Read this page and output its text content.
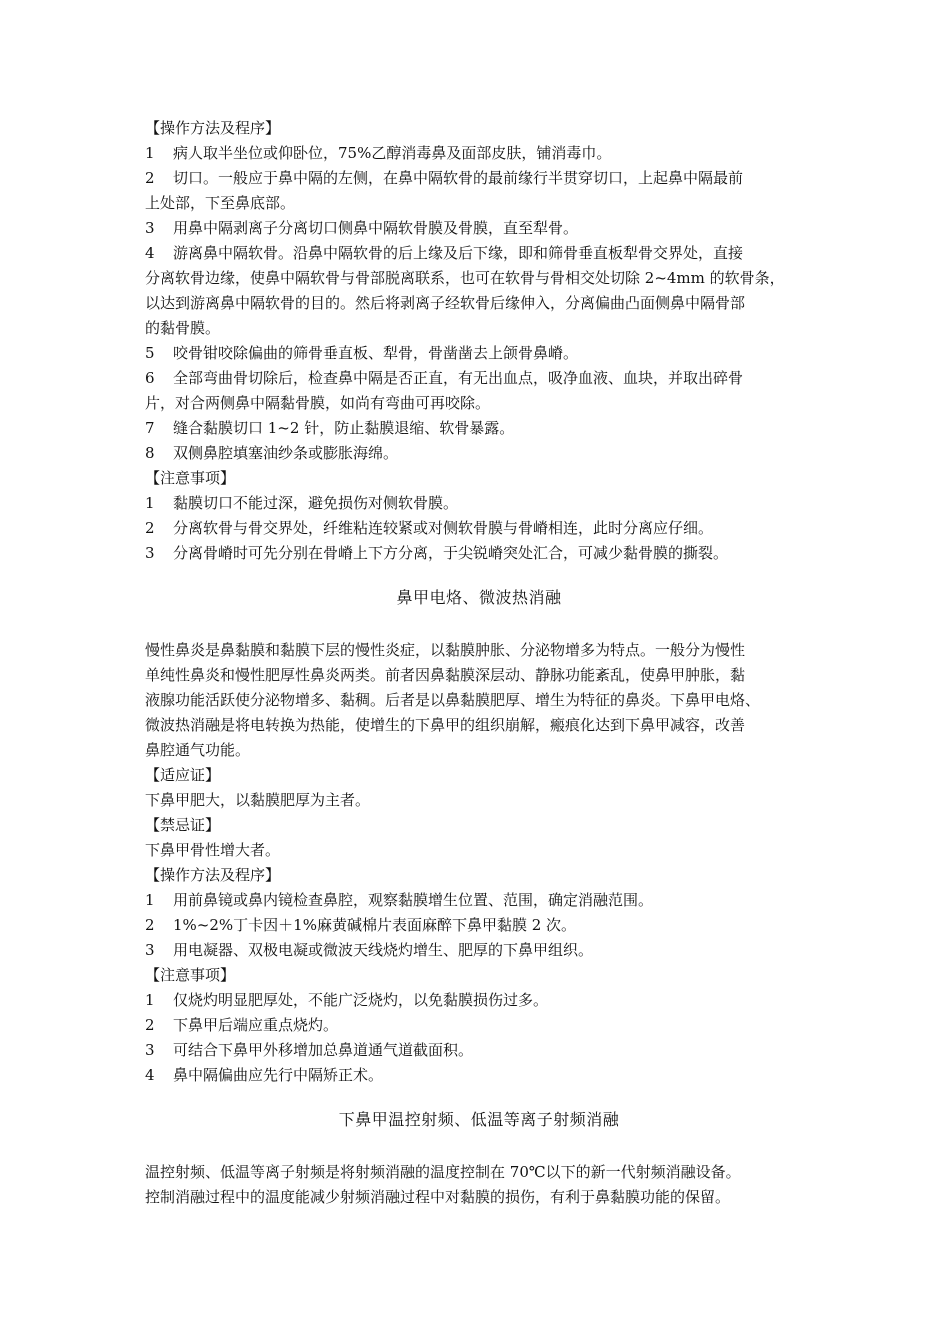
【操作方法及程序】
1	病人取半坐位或仰卧位，75%乙醇消毒鼻及面部皮肤，铺消毒巾。
2	切口。一般应于鼻中隔的左侧，在鼻中隔软骨的最前缘行半贯穿切口，上起鼻中隔最前
上处部，下至鼻底部。
3	用鼻中隔剥离子分离切口侧鼻中隔软骨膜及骨膜，直至犁骨。
4	游离鼻中隔软骨。沿鼻中隔软骨的后上缘及后下缘，即和筛骨垂直板犁骨交界处，直接
分离软骨边缘，使鼻中隔软骨与骨部脱离联系，也可在软骨与骨相交处切除 2~4mm 的软骨条，
以达到游离鼻中隔软骨的目的。然后将剥离子经软骨后缘伸入，分离偏曲凸面侧鼻中隔骨部
的黏骨膜。
5	咬骨钳咬除偏曲的筛骨垂直板、犁骨，骨凿凿去上颌骨鼻嵴。
6	全部弯曲骨切除后，检查鼻中隔是否正直，有无出血点，吸净血液、血块，并取出碎骨
片，对合两侧鼻中隔黏骨膜，如尚有弯曲可再咬除。
7	缝合黏膜切口 1~2 针，防止黏膜退缩、软骨暴露。
8	双侧鼻腔填塞油纱条或膨胀海绵。
【注意事项】
1	黏膜切口不能过深，避免损伤对侧软骨膜。
2	分离软骨与骨交界处，纤维粘连较紧或对侧软骨膜与骨嵴相连，此时分离应仔细。
3	分离骨嵴时可先分别在骨嵴上下方分离，于尖锐嵴突处汇合，可减少黏骨膜的撕裂。
鼻甲电烙、微波热消融
慢性鼻炎是鼻黏膜和黏膜下层的慢性炎症，以黏膜肿胀、分泌物增多为特点。一般分为慢性
单纯性鼻炎和慢性肥厚性鼻炎两类。前者因鼻黏膜深层动、静脉功能紊乱，使鼻甲肿胀，黏
液腺功能活跃使分泌物增多、黏稠。后者是以鼻黏膜肥厚、增生为特征的鼻炎。下鼻甲电烙、
微波热消融是将电转换为热能，使增生的下鼻甲的组织崩解，瘢痕化达到下鼻甲减容，改善
鼻腔通气功能。
【适应证】
下鼻甲肥大，以黏膜肥厚为主者。
【禁忌证】
下鼻甲骨性增大者。
【操作方法及程序】
1	用前鼻镜或鼻内镜检查鼻腔，观察黏膜增生位置、范围，确定消融范围。
2	1%~2%丁卡因＋1%麻黄碱棉片表面麻醉下鼻甲黏膜 2 次。
3	用电凝器、双极电凝或微波天线烧灼增生、肥厚的下鼻甲组织。
【注意事项】
1	仅烧灼明显肥厚处，不能广泛烧灼，以免黏膜损伤过多。
2	下鼻甲后端应重点烧灼。
3	可结合下鼻甲外移增加总鼻道通气道截面积。
4	鼻中隔偏曲应先行中隔矫正术。
下鼻甲温控射频、低温等离子射频消融
温控射频、低温等离子射频是将射频消融的温度控制在 70℃以下的新一代射频消融设备。
控制消融过程中的温度能减少射频消融过程中对黏膜的损伤，有利于鼻黏膜功能的保留。
